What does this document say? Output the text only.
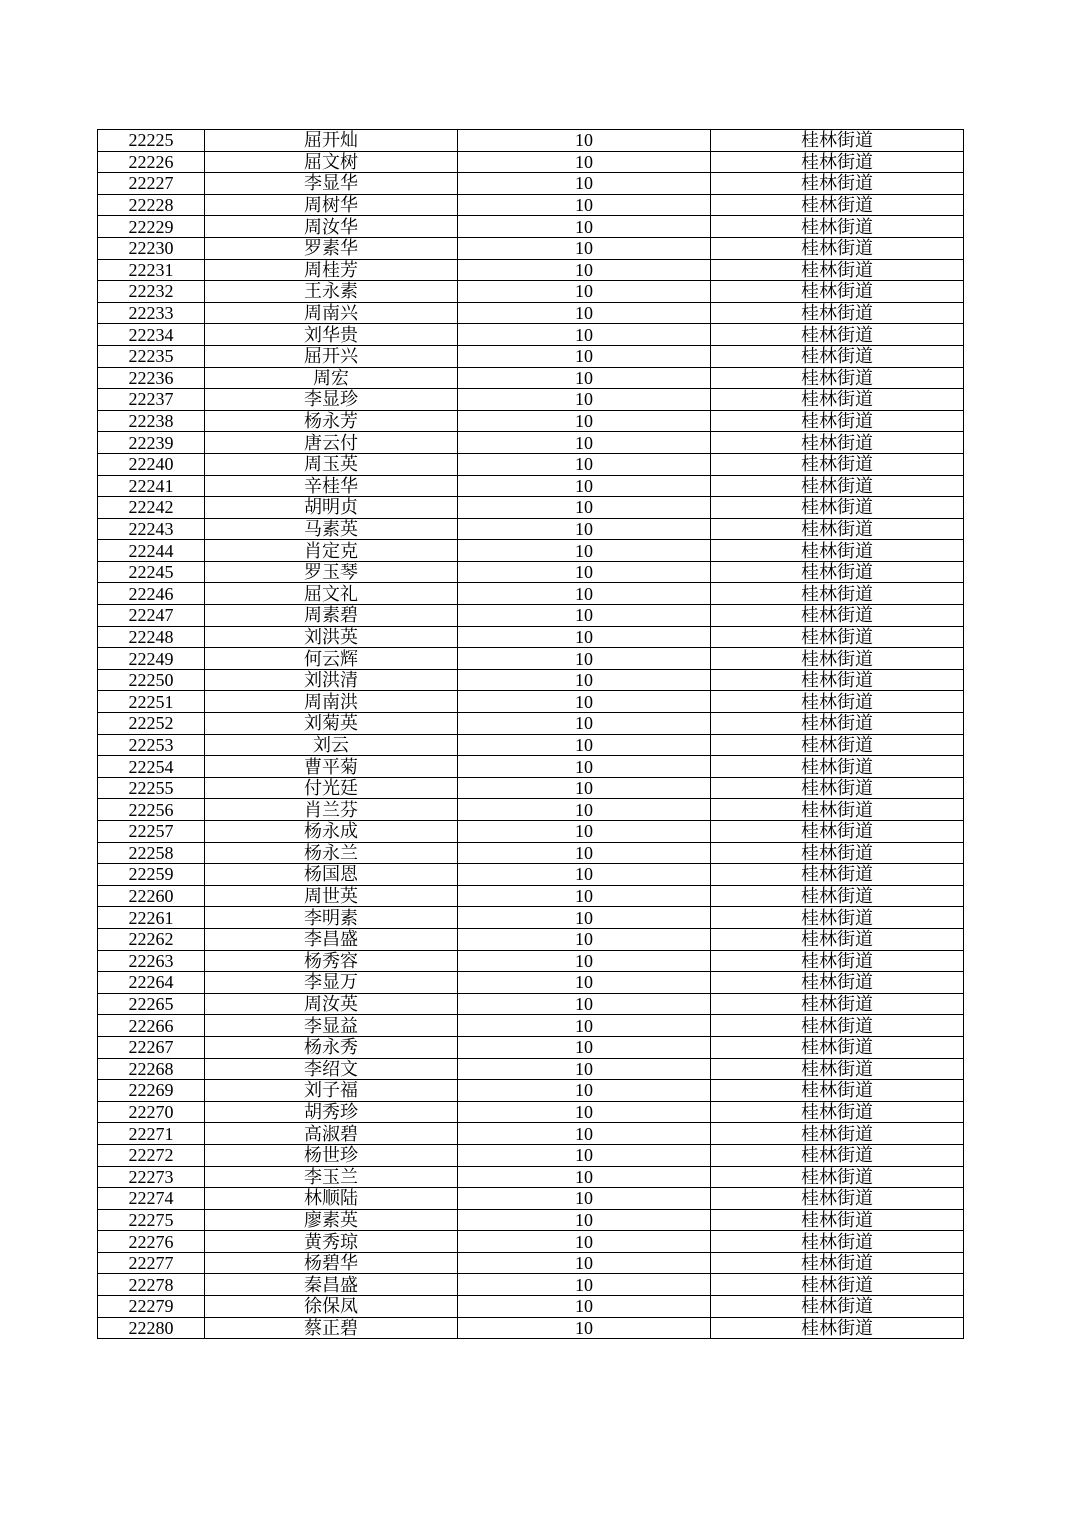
22225	屈开灿	10	桂林街道
22226	屈文树	10	桂林街道
22227	李显华	10	桂林街道
22228	周树华	10	桂林街道
22229	周汝华	10	桂林街道
22230	罗素华	10	桂林街道
22231	周桂芳	10	桂林街道
22232	王永素	10	桂林街道
22233	周南兴	10	桂林街道
22234	刘华贵	10	桂林街道
22235	屈开兴	10	桂林街道
22236	周宏	10	桂林街道
22237	李显珍	10	桂林街道
22238	杨永芳	10	桂林街道
22239	唐云付	10	桂林街道
22240	周玉英	10	桂林街道
22241	辛桂华	10	桂林街道
22242	胡明贞	10	桂林街道
22243	马素英	10	桂林街道
22244	肖定克	10	桂林街道
22245	罗玉琴	10	桂林街道
22246	屈文礼	10	桂林街道
22247	周素碧	10	桂林街道
22248	刘洪英	10	桂林街道
22249	何云辉	10	桂林街道
22250	刘洪清	10	桂林街道
22251	周南洪	10	桂林街道
22252	刘菊英	10	桂林街道
22253	刘云	10	桂林街道
22254	曹平菊	10	桂林街道
22255	付光廷	10	桂林街道
22256	肖兰芬	10	桂林街道
22257	杨永成	10	桂林街道
22258	杨永兰	10	桂林街道
22259	杨国恩	10	桂林街道
22260	周世英	10	桂林街道
22261	李明素	10	桂林街道
22262	李昌盛	10	桂林街道
22263	杨秀容	10	桂林街道
22264	李显万	10	桂林街道
22265	周汝英	10	桂林街道
22266	李显益	10	桂林街道
22267	杨永秀	10	桂林街道
22268	李绍文	10	桂林街道
22269	刘子福	10	桂林街道
22270	胡秀珍	10	桂林街道
22271	高淑碧	10	桂林街道
22272	杨世珍	10	桂林街道
22273	李玉兰	10	桂林街道
22274	林顺陆	10	桂林街道
22275	廖素英	10	桂林街道
22276	黄秀琼	10	桂林街道
22277	杨碧华	10	桂林街道
22278	秦昌盛	10	桂林街道
22279	徐保凤	10	桂林街道
22280	蔡正碧	10	桂林街道
